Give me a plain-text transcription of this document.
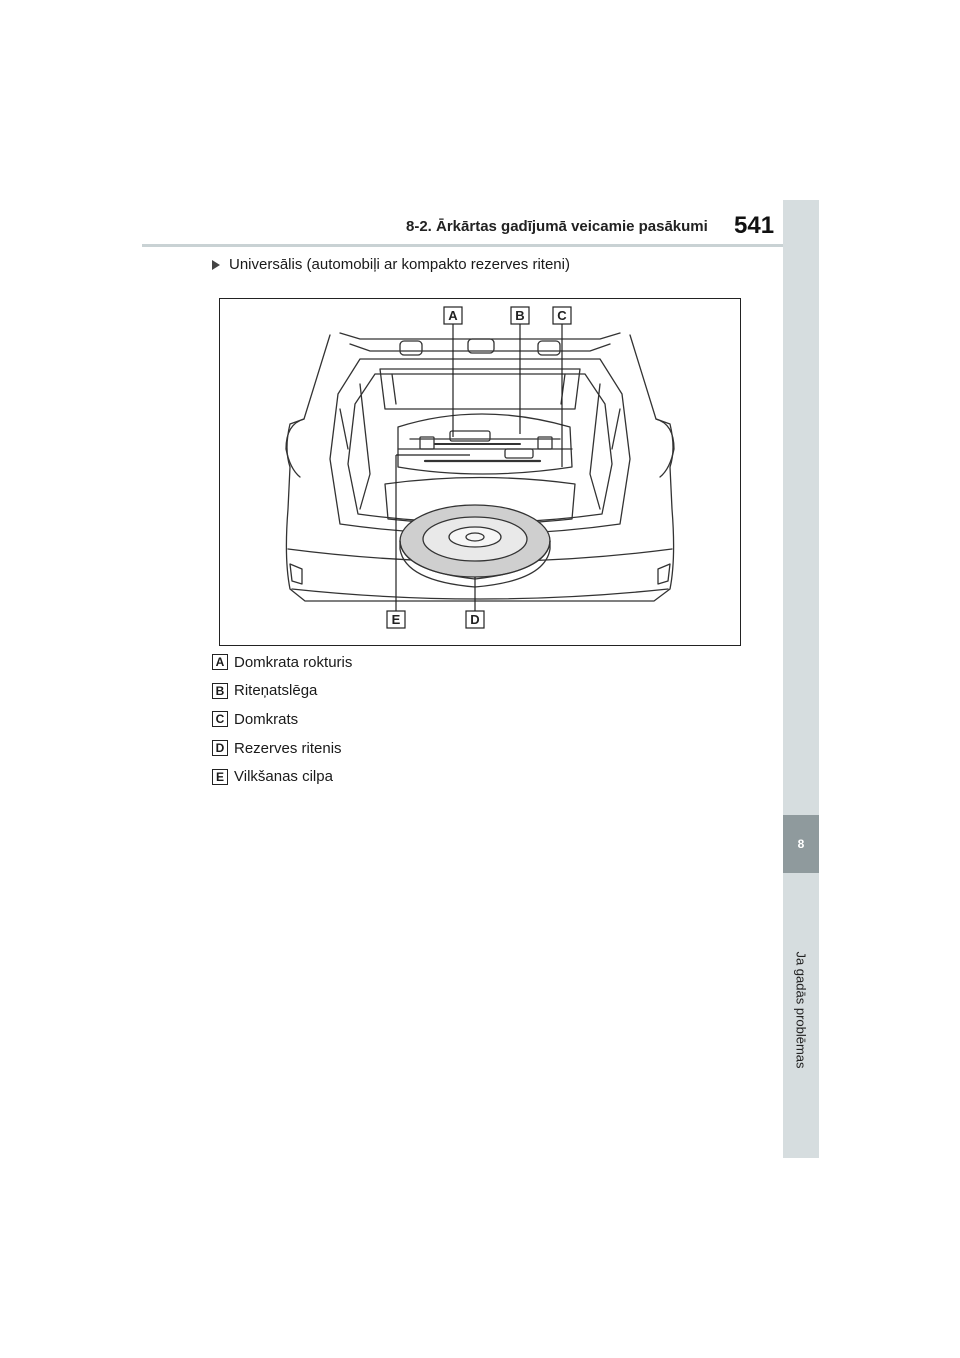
8-2. Ārkārtas gadījumā veicamie pasākumi 541
8
Ja gadās problēmas
Universālis (automobiļi ar kompakto rezerves riteni)
A	B	C
E	D
A Domkrata rokturis
B Riteņatslēga
C Domkrats
D Rezerves ritenis
E Vilkšanas cilpa
